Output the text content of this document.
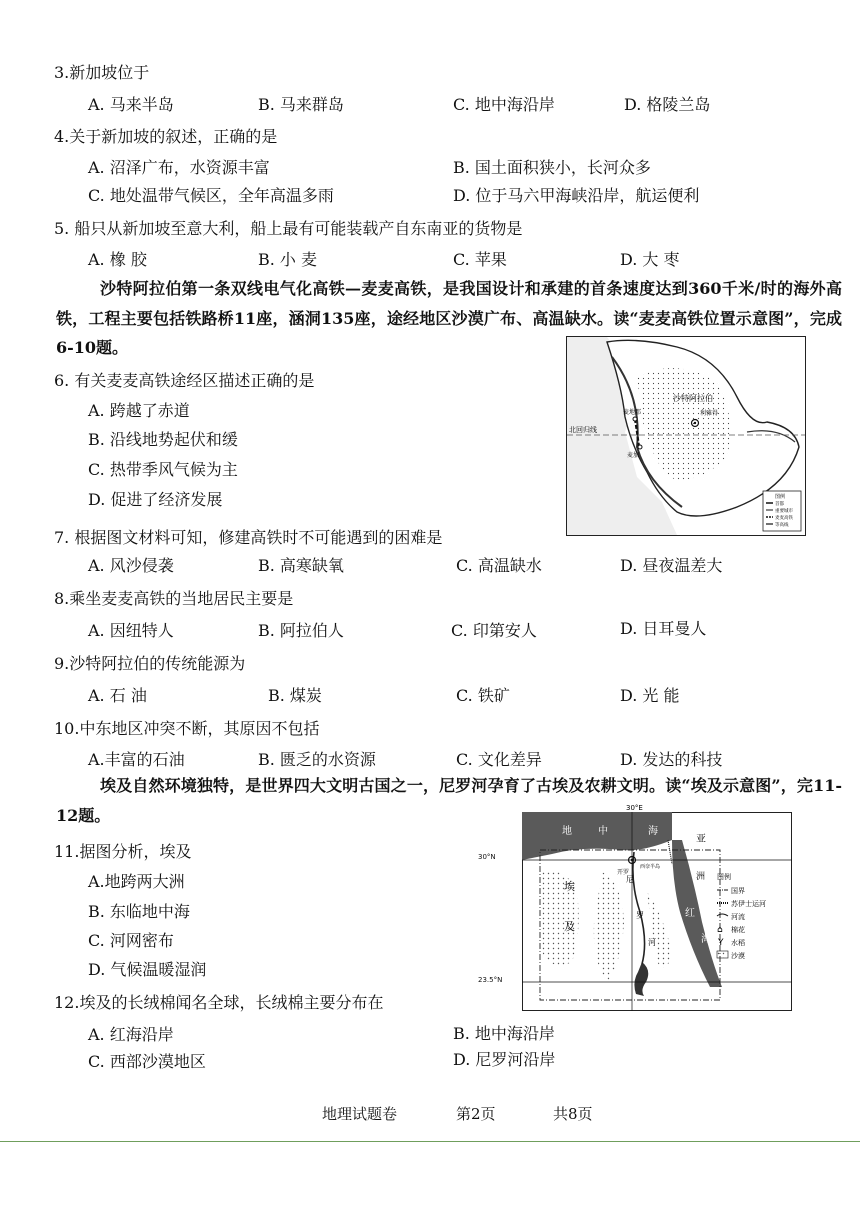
3.新加坡位于
A. 马来半岛	B. 马来群岛	C. 地中海沿岸	D. 格陵兰岛
4.关于新加坡的叙述，正确的是
A. 沼泽广布，水资源丰富	B. 国土面积狭小，长河众多
C. 地处温带气候区，全年高温多雨	D. 位于马六甲海峡沿岸，航运便利
5. 船只从新加坡至意大利，船上最有可能装载产自东南亚的货物是
A. 橡 胶	B. 小 麦	C. 苹果	D. 大 枣
沙特阿拉伯第一条双线电气化高铁—麦麦高铁，是我国设计和承建的首条速度达到360千米/时的海外高铁，工程主要包括铁路桥11座，涵洞135座，途经地区沙漠广布、高温缺水。读“麦麦高铁位置示意图”，完成6-10题。
沙特阿拉伯
利雅得
麦地那
麦加
北回归线
图例
首都
重要城市
麦麦高铁
等高线
6. 有关麦麦高铁途经区描述正确的是
A. 跨越了赤道
B. 沿线地势起伏和缓
C. 热带季风气候为主
D. 促进了经济发展
7. 根据图文材料可知，修建高铁时不可能遇到的困难是
A. 风沙侵袭	B. 高寒缺氧	C. 高温缺水	D. 昼夜温差大
8.乘坐麦麦高铁的当地居民主要是
A. 因纽特人	B. 阿拉伯人	C. 印第安人	D. 日耳曼人
9.沙特阿拉伯的传统能源为
A. 石 油	B. 煤炭	C. 铁矿	D. 光 能
10.中东地区冲突不断，其原因不包括
A.丰富的石油	B. 匮乏的水资源	C. 文化差异	D. 发达的科技
埃及自然环境独特，是世界四大文明古国之一，尼罗河孕育了古埃及农耕文明。读“埃及示意图”，完11-12题。
⌂
Y
30°E
地	中	海
亚
洲
埃
及
尼
罗
河
红
海
开罗
西奈半岛
图例
国界
苏伊士运河
河流
棉花
水稻
沙漠
30°N
23.5°N
11.据图分析，埃及
A.地跨两大洲
B. 东临地中海
C. 河网密布
D. 气候温暖湿润
12.埃及的长绒棉闻名全球，长绒棉主要分布在
A. 红海沿岸	B. 地中海沿岸
C. 西部沙漠地区	D. 尼罗河沿岸
地理试题卷	第2页	共8页
